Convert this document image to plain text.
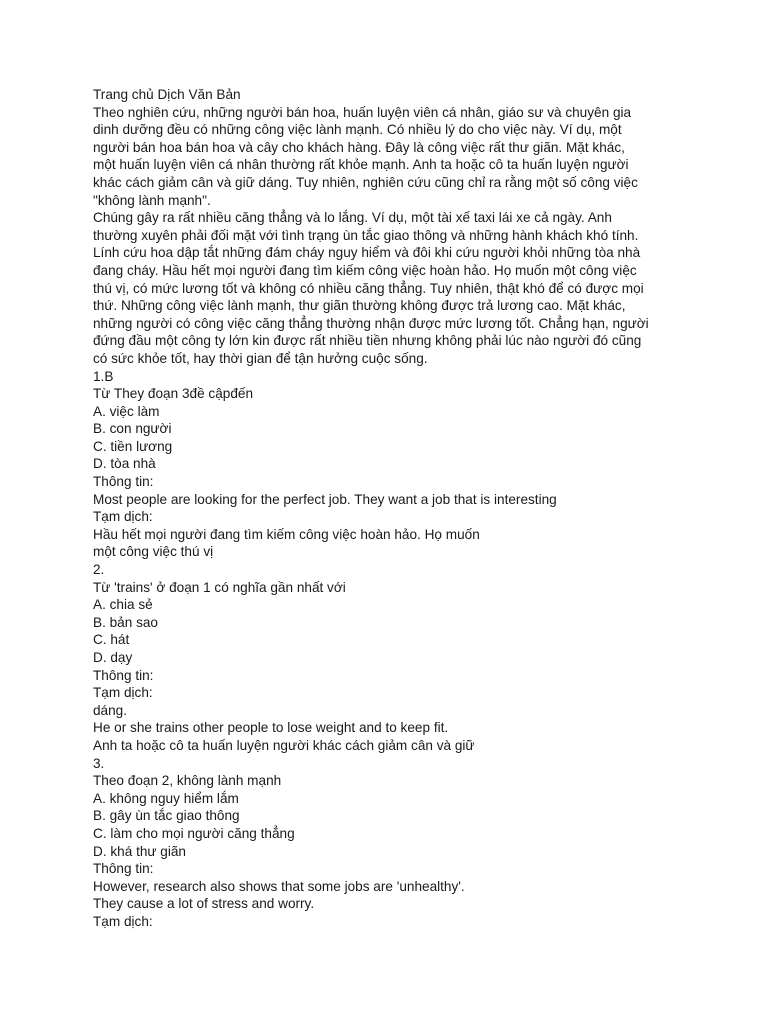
Trang chủ Dịch Văn Bản
Theo nghiên cứu, những người bán hoa, huấn luyện viên cá nhân, giáo sư và chuyên gia
dinh dưỡng đều có những công việc lành mạnh. Có nhiều lý do cho việc này. Ví dụ, một
người bán hoa bán hoa và cây cho khách hàng. Đây là công việc rất thư giãn. Mặt khác,
một huấn luyện viên cá nhân thường rất khỏe mạnh. Anh ta hoặc cô ta huấn luyện người
khác cách giảm cân và giữ dáng. Tuy nhiên, nghiên cứu cũng chỉ ra rằng một số công việc
"không lành mạnh".
Chúng gây ra rất nhiều căng thẳng và lo lắng. Ví dụ, một tài xế taxi lái xe cả ngày. Anh
thường xuyên phải đối mặt với tình trạng ùn tắc giao thông và những hành khách khó tính.
Lính cứu hoa dập tắt những đám cháy nguy hiểm và đôi khi cứu người khỏi những tòa nhà
đang cháy. Hầu hết mọi người đang tìm kiếm công việc hoàn hảo. Họ muốn một công việc
thú vị, có mức lương tốt và không có nhiều căng thẳng. Tuy nhiên, thật khó để có được mọi
thứ. Những công việc lành mạnh, thư giãn thường không được trả lương cao. Mặt khác,
những người có công việc căng thẳng thường nhận được mức lương tốt. Chẳng hạn, người
đứng đầu một công ty lớn kin được rất nhiều tiền nhưng không phải lúc nào người đó cũng
có sức khỏe tốt, hay thời gian để tận hưởng cuộc sống.
1.B
Từ They đoạn 3đề cậpđến
A. việc làm
B. con người
C. tiền lương
D. tòa nhà
Thông tin:
Most people are looking for the perfect job. They want a job that is interesting
Tạm dịch:
Hầu hết mọi người đang tìm kiếm công việc hoàn hảo. Họ muốn
một công việc thú vị
2.
Từ 'trains' ở đoạn 1 có nghĩa gần nhất với
A. chia sẻ
B. bản sao
C. hát
D. dạy
Thông tin:
Tạm dịch:
dáng.
He or she trains other people to lose weight and to keep fit.
Anh ta hoặc cô ta huấn luyện người khác cách giảm cân và giữ
3.
Theo đoạn 2, không lành mạnh
A. không nguy hiểm lắm
B. gây ùn tắc giao thông
C. làm cho mọi người căng thẳng
D. khá thư giãn
Thông tin:
However, research also shows that some jobs are 'unhealthy'.
They cause a lot of stress and worry.
Tạm dịch:
